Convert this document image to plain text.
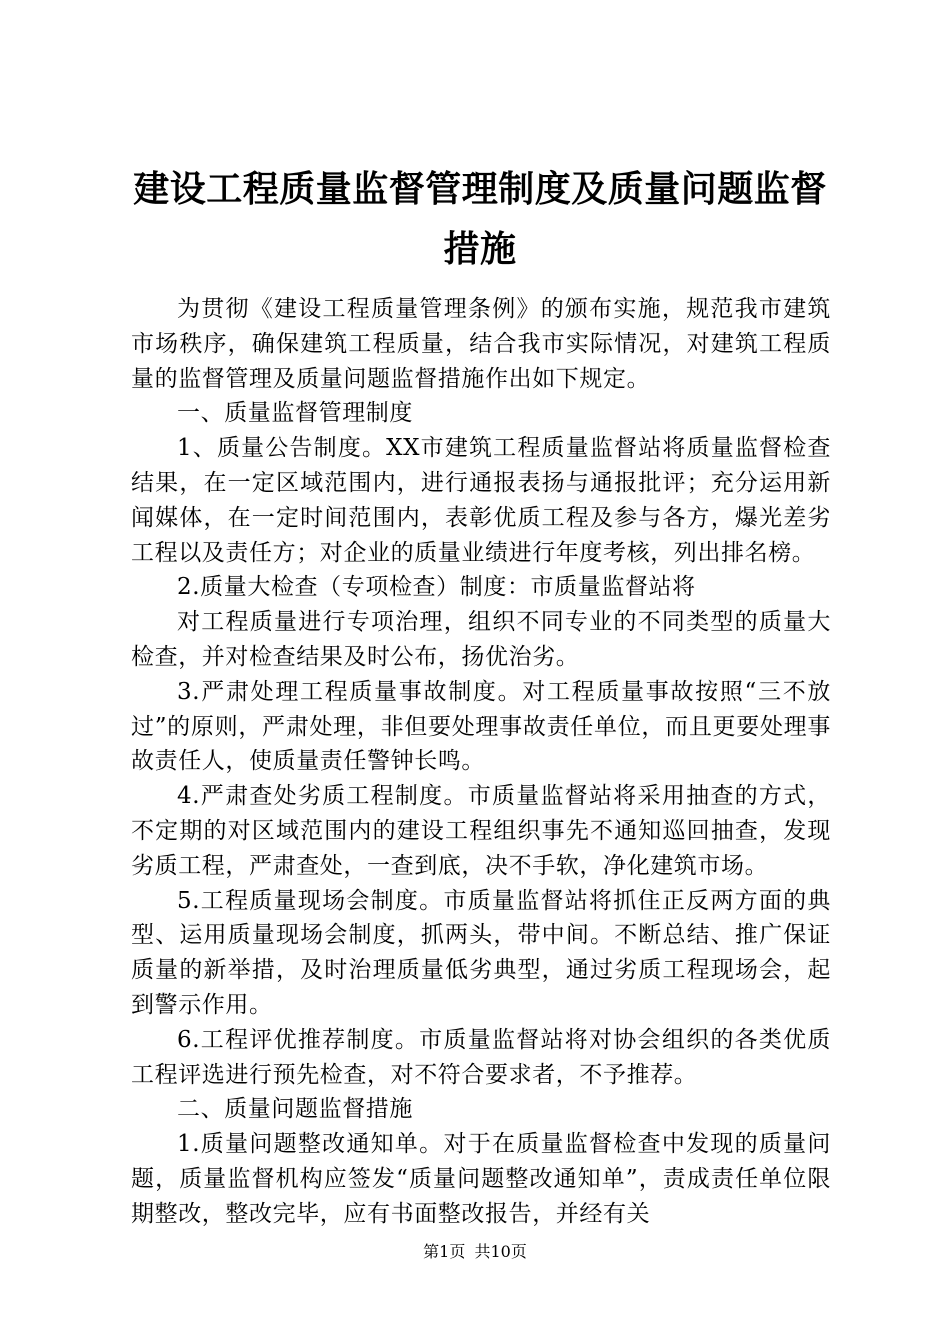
建设工程质量监督管理制度及质量问题监督措施

为贯彻《建设工程质量管理条例》的颁布实施，规范我市建筑市场秩序，确保建筑工程质量，结合我市实际情况，对建筑工程质量的监督管理及质量问题监督措施作出如下规定。

一、质量监督管理制度

1、质量公告制度。XX市建筑工程质量监督站将质量监督检查结果，在一定区域范围内，进行通报表扬与通报批评；充分运用新闻媒体，在一定时间范围内，表彰优质工程及参与各方，爆光差劣工程以及责任方；对企业的质量业绩进行年度考核，列出排名榜。

2.质量大检查（专项检查）制度：市质量监督站将

对工程质量进行专项治理，组织不同专业的不同类型的质量大检查，并对检查结果及时公布，扬优治劣。

3.严肃处理工程质量事故制度。对工程质量事故按照“三不放过”的原则，严肃处理，非但要处理事故责任单位，而且更要处理事故责任人，使质量责任警钟长鸣。

4.严肃查处劣质工程制度。市质量监督站将采用抽查的方式，不定期的对区域范围内的建设工程组织事先不通知巡回抽查，发现劣质工程，严肃查处，一查到底，决不手软，净化建筑市场。

5.工程质量现场会制度。市质量监督站将抓住正反两方面的典型、运用质量现场会制度，抓两头，带中间。不断总结、推广保证质量的新举措，及时治理质量低劣典型，通过劣质工程现场会，起到警示作用。

6.工程评优推荐制度。市质量监督站将对协会组织的各类优质工程评选进行预先检查，对不符合要求者，不予推荐。

二、质量问题监督措施

1.质量问题整改通知单。对于在质量监督检查中发现的质量问题，质量监督机构应签发“质量问题整改通知单”，责成责任单位限期整改，整改完毕，应有书面整改报告，并经有关

第1页 共10页
